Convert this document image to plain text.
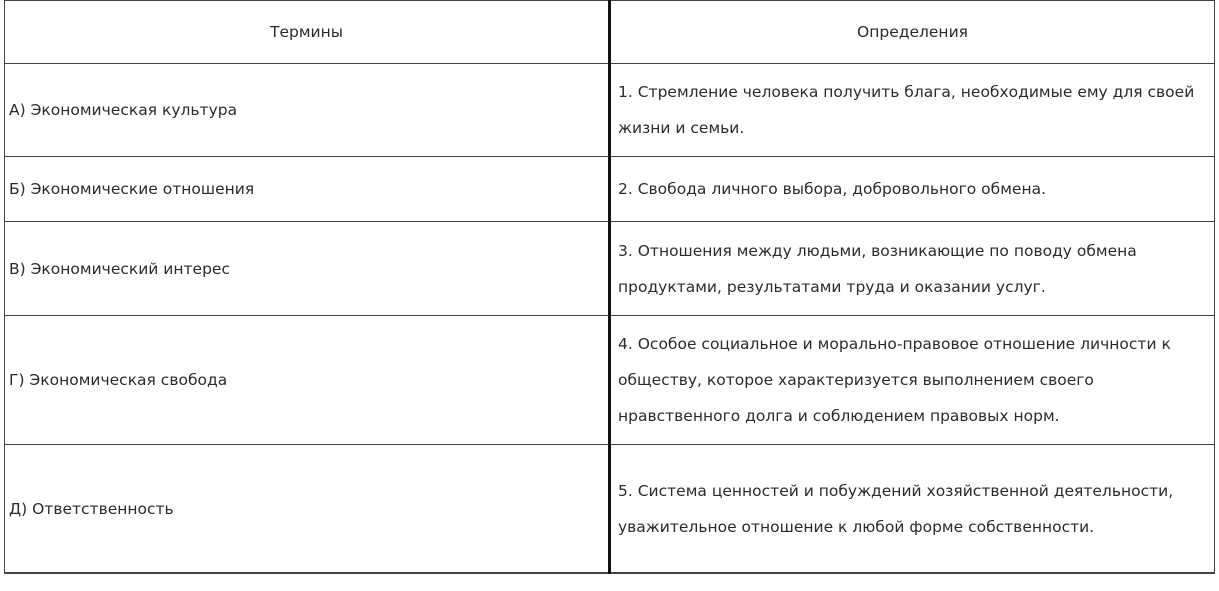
Термины	Определения
А) Экономическая культура	1. Стремление человека получить блага, необходимые ему для своей жизни и семьи.
Б) Экономические отношения	2. Свобода личного выбора, добровольного обмена.
В) Экономический интерес	3. Отношения между людьми, возникающие по поводу обмена продуктами, результатами труда и оказании услуг.
Г) Экономическая свобода	4. Особое социальное и морально-правовое отношение личности к обществу, которое характеризуется выполнением своего нравственного долга и соблюдением правовых норм.
Д) Ответственность	5. Система ценностей и побуждений хозяйственной деятельности, уважительное отношение к любой форме собственности.
